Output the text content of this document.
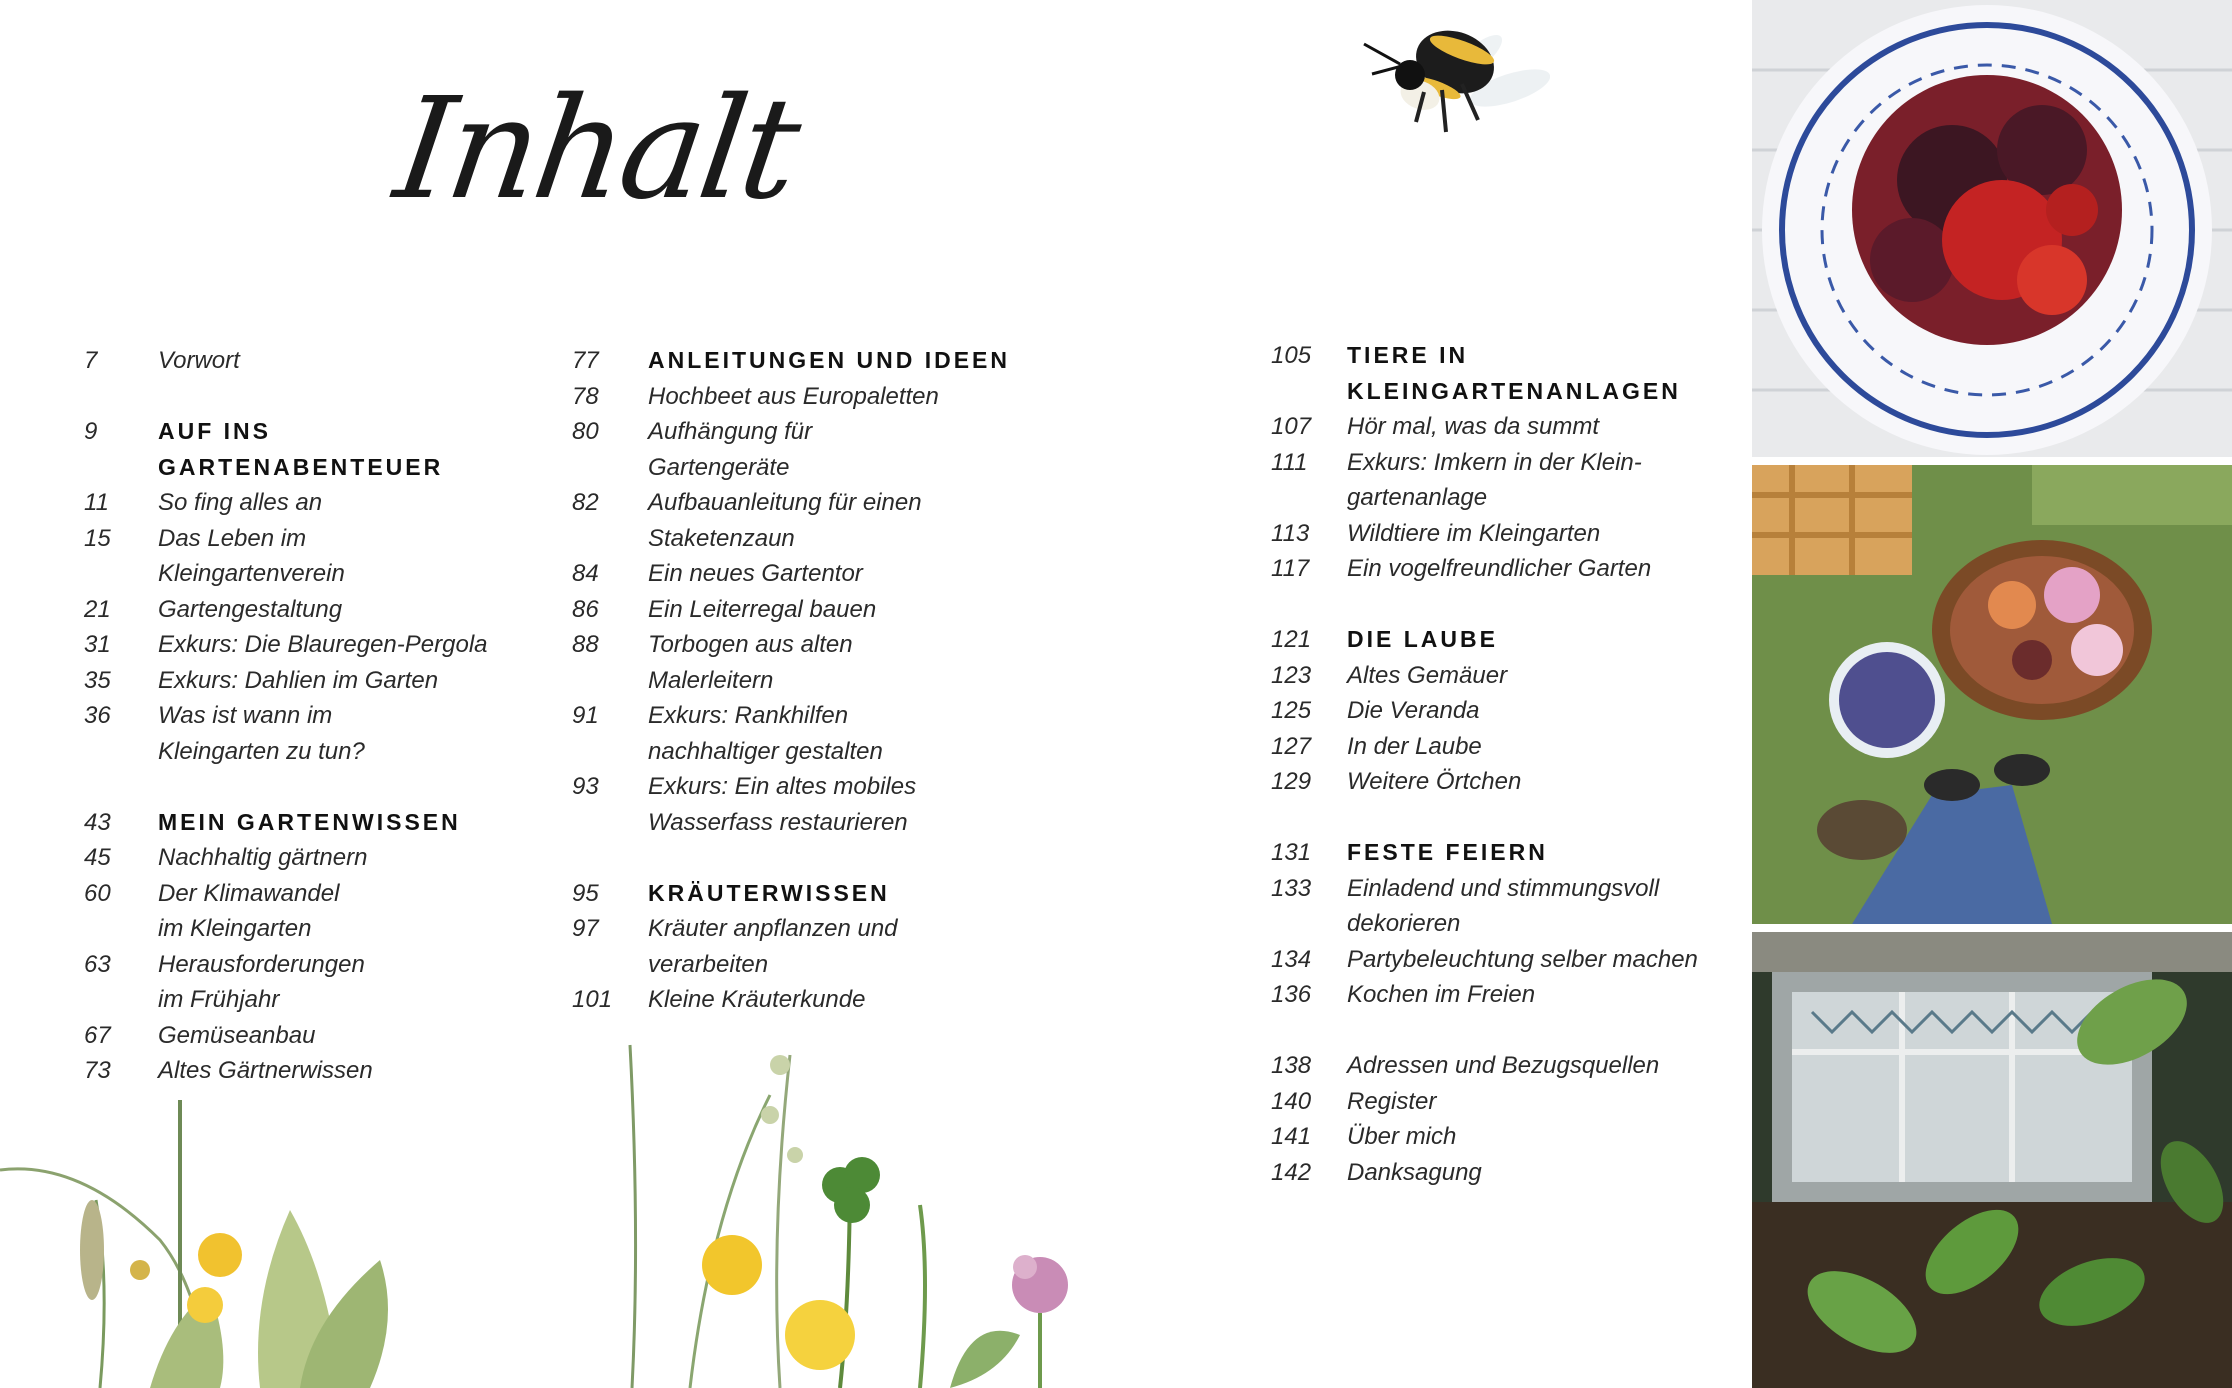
Inhalt
7	Vorwort
9	AUF INS
GARTENABENTEUER
11	So fing alles an
15	Das Leben im
Kleingartenverein
21	Gartengestaltung
31	Exkurs: Die Blauregen-Pergola
35	Exkurs: Dahlien im Garten
36	Was ist wann im
Kleingarten zu tun?
43	MEIN GARTENWISSEN
45	Nachhaltig gärtnern
60	Der Klimawandel
im Kleingarten
63	Herausforderungen
im Frühjahr
67	Gemüseanbau
73	Altes Gärtnerwissen
77	ANLEITUNGEN UND IDEEN
78	Hochbeet aus Europaletten
80	Aufhängung für
Gartengeräte
82	Aufbauanleitung für einen
Staketenzaun
84	Ein neues Gartentor
86	Ein Leiterregal bauen
88	Torbogen aus alten
Malerleitern
91	Exkurs: Rankhilfen
nachhaltiger gestalten
93	Exkurs: Ein altes mobiles
Wasserfass restaurieren
95	KRÄUTERWISSEN
97	Kräuter anpflanzen und
verarbeiten
101	Kleine Kräuterkunde
105	TIERE IN
KLEINGARTENANLAGEN
107	Hör mal, was da summt
111	Exkurs: Imkern in der Klein-
gartenanlage
113	Wildtiere im Kleingarten
117	Ein vogelfreundlicher Garten
121	DIE LAUBE
123	Altes Gemäuer
125	Die Veranda
127	In der Laube
129	Weitere Örtchen
131	FESTE FEIERN
133	Einladend und stimmungsvoll
dekorieren
134	Partybeleuchtung selber machen
136	Kochen im Freien
138	Adressen und Bezugsquellen
140	Register
141	Über mich
142	Danksagung
